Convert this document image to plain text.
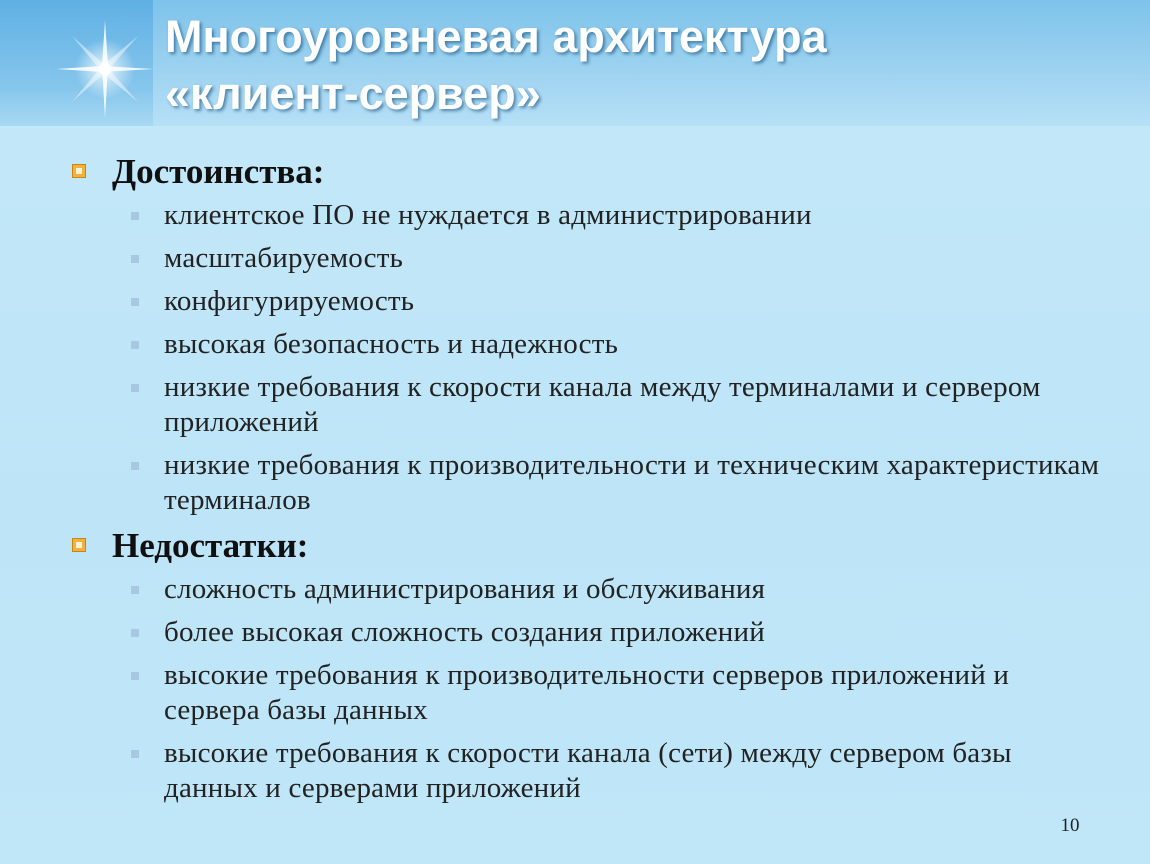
Многоуровневая архитектура
«клиент-сервер»
Достоинства:
клиентское ПО не нуждается в администрировании
масштабируемость
конфигурируемость
высокая безопасность и надежность
низкие требования к скорости канала между терминалами и сервером приложений
низкие требования к производительности и техническим характеристикам терминалов
Недостатки:
сложность администрирования и обслуживания
более высокая сложность создания приложений
высокие требования к производительности серверов приложений и сервера базы данных
высокие требования к скорости канала (сети) между сервером базы данных и серверами приложений
10
